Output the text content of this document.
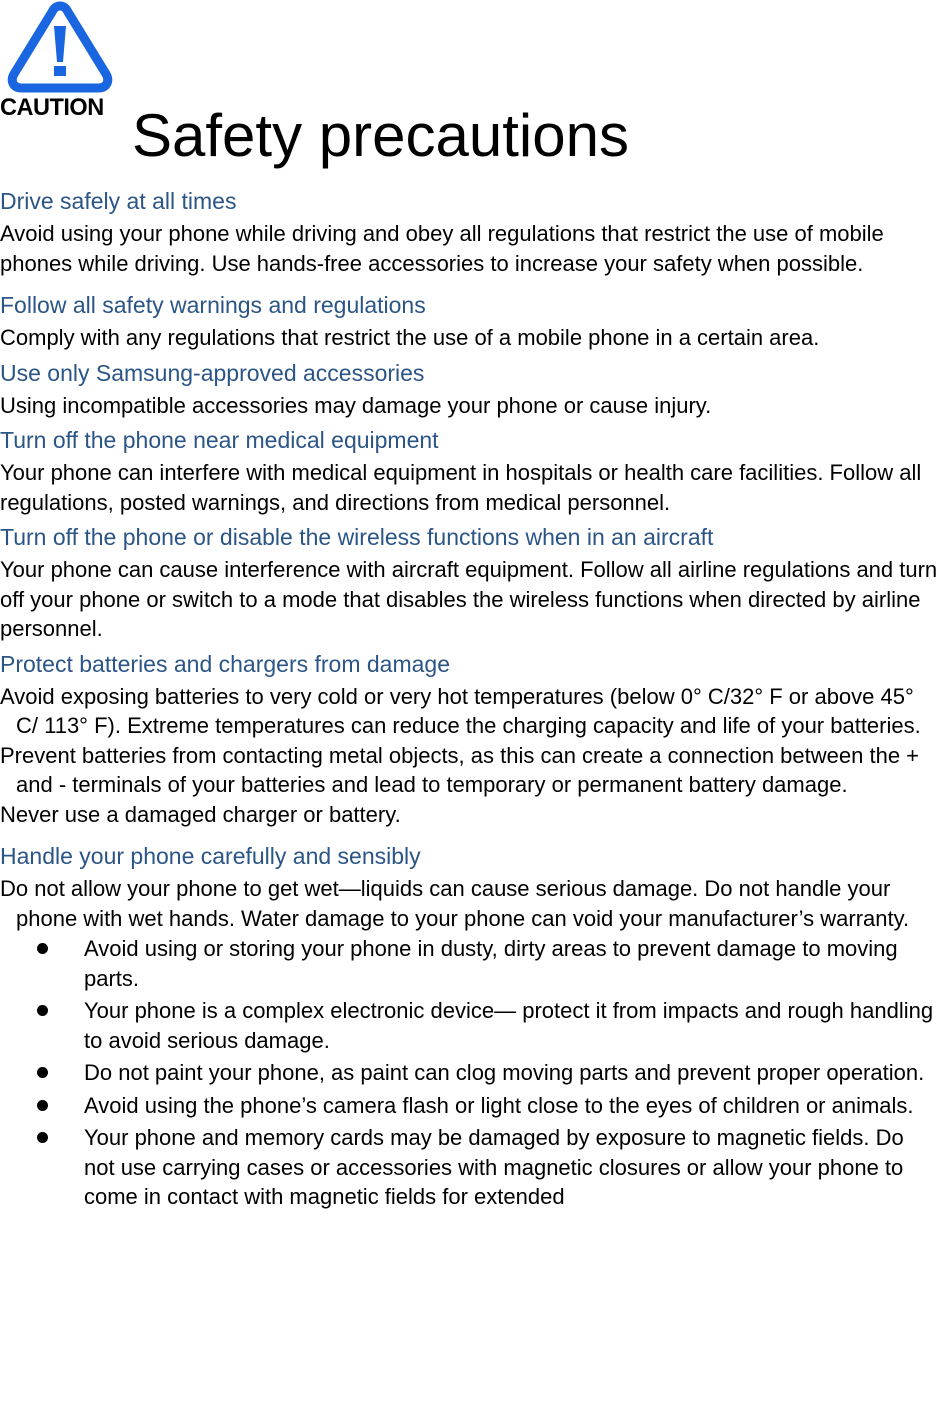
CAUTION Safety precautions

Drive safely at all times

Avoid using your phone while driving and obey all regulations that restrict the use of mobile phones while driving. Use hands-free accessories to increase your safety when possible.

Follow all safety warnings and regulations

Comply with any regulations that restrict the use of a mobile phone in a certain area.

Use only Samsung-approved accessories

Using incompatible accessories may damage your phone or cause injury.

Turn off the phone near medical equipment

Your phone can interfere with medical equipment in hospitals or health care facilities. Follow all regulations, posted warnings, and directions from medical personnel.

Turn off the phone or disable the wireless functions when in an aircraft

Your phone can cause interference with aircraft equipment. Follow all airline regulations and turn off your phone or switch to a mode that disables the wireless functions when directed by airline personnel.

Protect batteries and chargers from damage

Avoid exposing batteries to very cold or very hot temperatures (below 0° C/32° F or above 45° C/ 113° F). Extreme temperatures can reduce the charging capacity and life of your batteries.

Prevent batteries from contacting metal objects, as this can create a connection between the + and - terminals of your batteries and lead to temporary or permanent battery damage.

Never use a damaged charger or battery.

Handle your phone carefully and sensibly

Do not allow your phone to get wet—liquids can cause serious damage. Do not handle your phone with wet hands. Water damage to your phone can void your manufacturer’s warranty.

Avoid using or storing your phone in dusty, dirty areas to prevent damage to moving parts.
Your phone is a complex electronic device— protect it from impacts and rough handling to avoid serious damage.
Do not paint your phone, as paint can clog moving parts and prevent proper operation.
Avoid using the phone’s camera flash or light close to the eyes of children or animals.
Your phone and memory cards may be damaged by exposure to magnetic fields. Do not use carrying cases or accessories with magnetic closures or allow your phone to come in contact with magnetic fields for extended
